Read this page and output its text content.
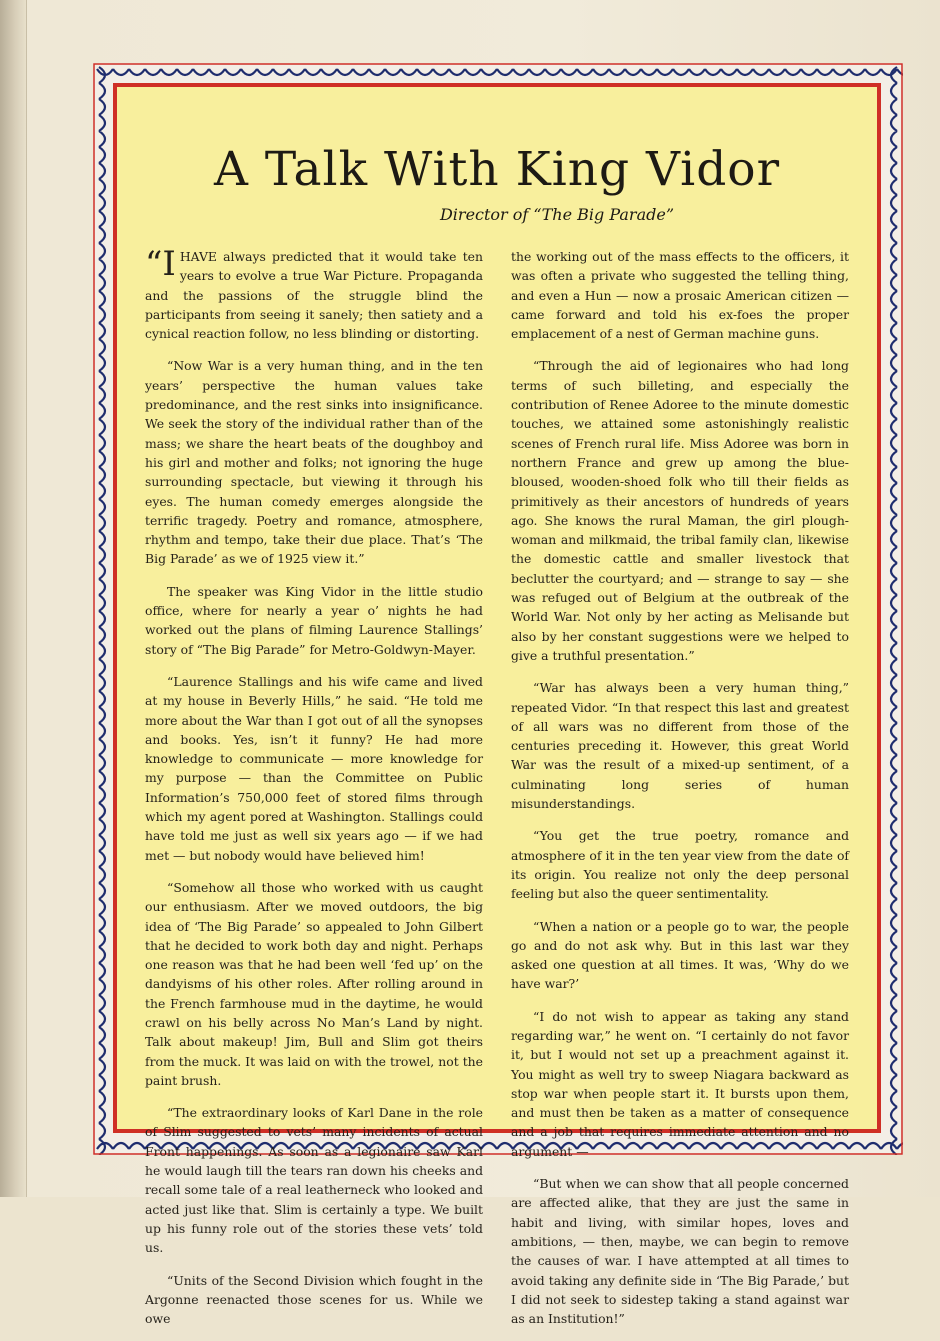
A Talk With King Vidor
Director of “The Big Parade”

“I HAVE always predicted that it would take ten years to evolve a true War Picture. Propaganda and the passions of the struggle blind the participants from seeing it sanely; then satiety and a cynical reaction follow, no less blinding or distorting.

“Now War is a very human thing, and in the ten years’ perspective the human values take predominance, and the rest sinks into insignificance. We seek the story of the individual rather than of the mass; we share the heart beats of the doughboy and his girl and mother and folks; not ignoring the huge surrounding spectacle, but viewing it through his eyes. The human comedy emerges alongside the terrific tragedy. Poetry and romance, atmosphere, rhythm and tempo, take their due place. That’s ‘The Big Parade’ as we of 1925 view it.”

The speaker was King Vidor in the little studio office, where for nearly a year o’ nights he had worked out the plans of filming Laurence Stallings’ story of “The Big Parade” for Metro-Goldwyn-Mayer.

“Laurence Stallings and his wife came and lived at my house in Beverly Hills,” he said. “He told me more about the War than I got out of all the synopses and books. Yes, isn’t it funny? He had more knowledge to communicate — more knowledge for my purpose — than the Committee on Public Information’s 750,000 feet of stored films through which my agent pored at Washington. Stallings could have told me just as well six years ago — if we had met — but nobody would have believed him!

“Somehow all those who worked with us caught our enthusiasm. After we moved outdoors, the big idea of ‘The Big Parade’ so appealed to John Gilbert that he decided to work both day and night. Perhaps one reason was that he had been well ‘fed up’ on the dandyisms of his other roles. After rolling around in the French farmhouse mud in the daytime, he would crawl on his belly across No Man’s Land by night. Talk about makeup! Jim, Bull and Slim got theirs from the muck. It was laid on with the trowel, not the paint brush.

“The extraordinary looks of Karl Dane in the role of Slim suggested to vets’ many incidents of actual Front happenings. As soon as a legionaire saw Karl he would laugh till the tears ran down his cheeks and recall some tale of a real leatherneck who looked and acted just like that. Slim is certainly a type. We built up his funny role out of the stories these vets’ told us.

“Units of the Second Division which fought in the Argonne reenacted those scenes for us. While we owe

the working out of the mass effects to the officers, it was often a private who suggested the telling thing, and even a Hun — now a prosaic American citizen — came forward and told his ex-foes the proper emplacement of a nest of German machine guns.

“Through the aid of legionaires who had long terms of such billeting, and especially the contribution of Renee Adoree to the minute domestic touches, we attained some astonishingly realistic scenes of French rural life. Miss Adoree was born in northern France and grew up among the blue-bloused, wooden-shoed folk who till their fields as primitively as their ancestors of hundreds of years ago. She knows the rural Maman, the girl plough-woman and milkmaid, the tribal family clan, likewise the domestic cattle and smaller livestock that beclutter the courtyard; and — strange to say — she was refuged out of Belgium at the outbreak of the World War. Not only by her acting as Melisande but also by her constant suggestions were we helped to give a truthful presentation.”

“War has always been a very human thing,” repeated Vidor. “In that respect this last and greatest of all wars was no different from those of the centuries preceding it. However, this great World War was the result of a mixed-up sentiment, of a culminating long series of human misunderstandings.

“You get the true poetry, romance and atmosphere of it in the ten year view from the date of its origin. You realize not only the deep personal feeling but also the queer sentimentality.

“When a nation or a people go to war, the people go and do not ask why. But in this last war they asked one question at all times. It was, ‘Why do we have war?’

“I do not wish to appear as taking any stand regarding war,” he went on. “I certainly do not favor it, but I would not set up a preachment against it. You might as well try to sweep Niagara backward as stop war when people start it. It bursts upon them, and must then be taken as a matter of consequence and a job that requires immediate attention and no argument —

“But when we can show that all people concerned are affected alike, that they are just the same in habit and living, with similar hopes, loves and ambitions, — then, maybe, we can begin to remove the causes of war. I have attempted at all times to avoid taking any definite side in ‘The Big Parade,’ but I did not seek to sidestep taking a stand against war as an Institution!”
